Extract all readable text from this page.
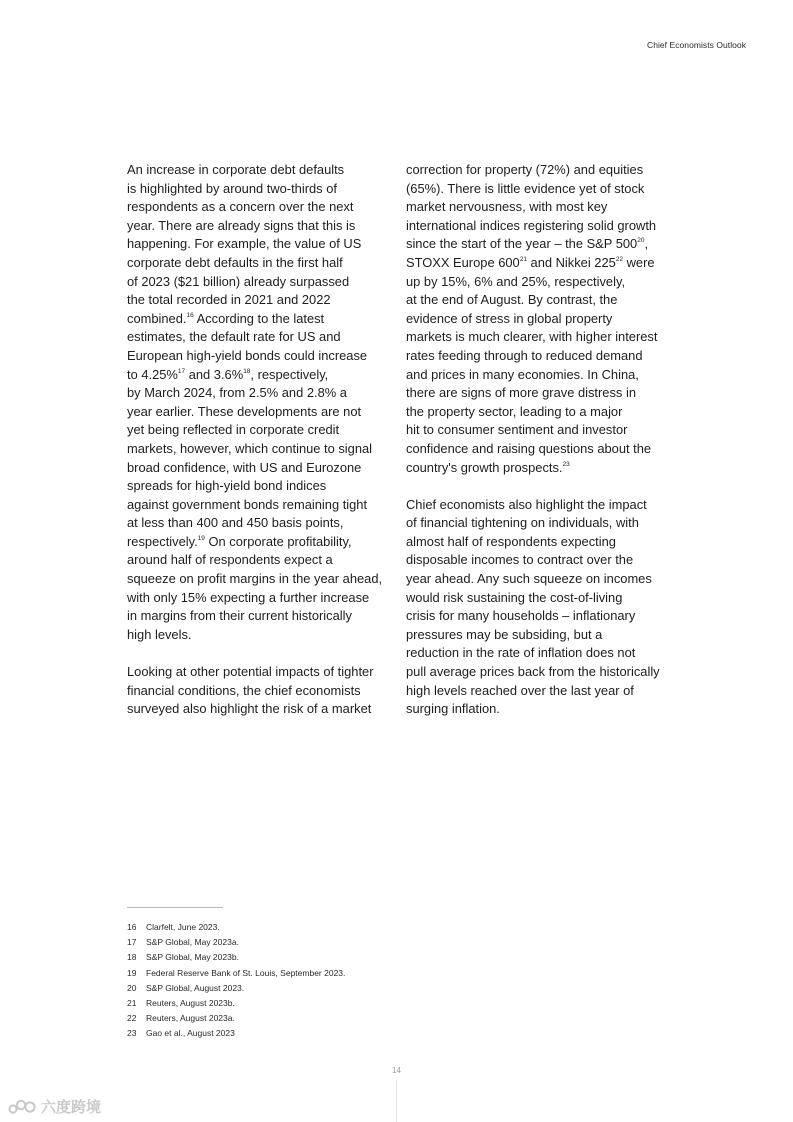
Chief Economists Outlook

An increase in corporate debt defaults
is highlighted by around two-thirds of
respondents as a concern over the next
year. There are already signs that this is
happening. For example, the value of US
corporate debt defaults in the first half
of 2023 ($21 billion) already surpassed
the total recorded in 2021 and 2022
combined.$^{16}$ According to the latest
estimates, the default rate for US and
European high-yield bonds could increase
to 4.25%$^{17}$ and 3.6%$^{18}$, respectively,
by March 2024, from 2.5% and 2.8% a
year earlier. These developments are not
yet being reflected in corporate credit
markets, however, which continue to signal
broad confidence, with US and Eurozone
spreads for high-yield bond indices
against government bonds remaining tight
at less than 400 and 450 basis points,
respectively.$^{19}$ On corporate profitability,
around half of respondents expect a
squeeze on profit margins in the year ahead,
with only 15% expecting a further increase
in margins from their current historically
high levels.

Looking at other potential impacts of tighter
financial conditions, the chief economists
surveyed also highlight the risk of a market

correction for property (72%) and equities
(65%). There is little evidence yet of stock
market nervousness, with most key
international indices registering solid growth
since the start of the year – the S&P $500^{20}$,
STOXX Europe $600^{21}$ and Nikkei $225^{22}$ were
up by 15%, 6% and 25%, respectively,
at the end of August. By contrast, the
evidence of stress in global property
markets is much clearer, with higher interest
rates feeding through to reduced demand
and prices in many economies. In China,
there are signs of more grave distress in
the property sector, leading to a major
hit to consumer sentiment and investor
confidence and raising questions about the
country's growth prospects.$^{23}$

Chief economists also highlight the impact
of financial tightening on individuals, with
almost half of respondents expecting
disposable incomes to contract over the
year ahead. Any such squeeze on incomes
would risk sustaining the cost-of-living
crisis for many households – inflationary
pressures may be subsiding, but a
reduction in the rate of inflation does not
pull average prices back from the historically
high levels reached over the last year of
surging inflation.

16	Clarfelt, June 2023.
17	S&P Global, May 2023a.
18	S&P Global, May 2023b.
19	Federal Reserve Bank of St. Louis, September 2023.
20	S&P Global, August 2023.
21	Reuters, August 2023b.
22	Reuters, August 2023a.
23	Gao et al., August 2023
14
六度跨境
